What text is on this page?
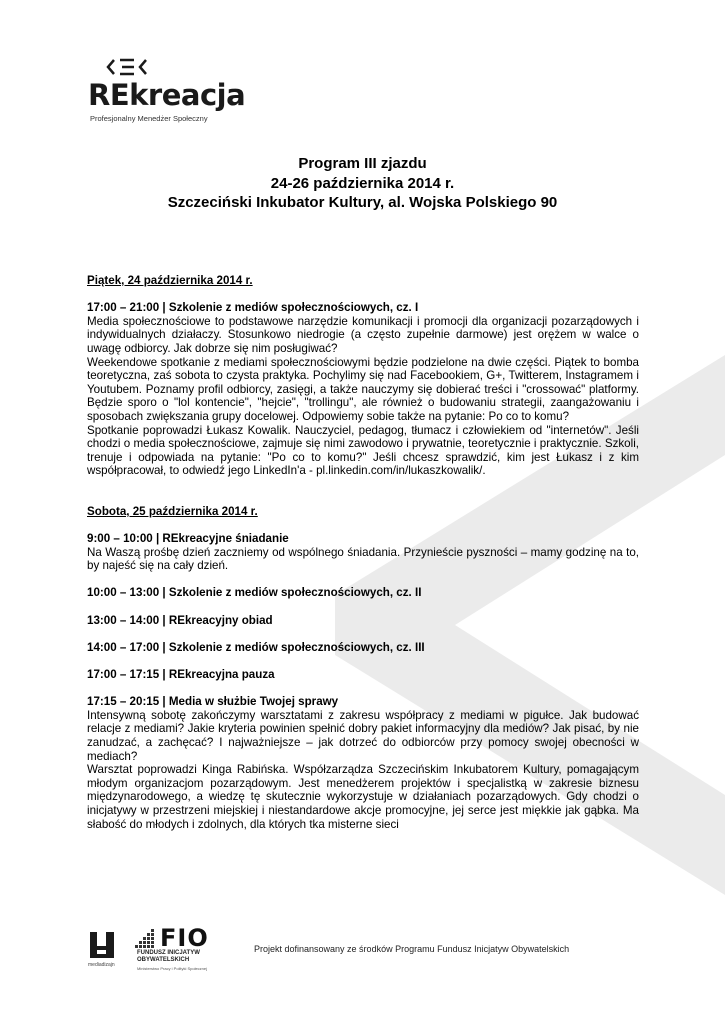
REkreacja
Profesjonalny Menedżer Społeczny
Program III zjazdu
24-26 października 2014 r.
Szczeciński Inkubator Kultury, al. Wojska Polskiego 90

Piątek, 24 października 2014 r.

17:00 – 21:00 | Szkolenie z mediów społecznościowych, cz. I

Media społecznościowe to podstawowe narzędzie komunikacji i promocji dla organizacji pozarządowych i indywidualnych działaczy. Stosunkowo niedrogie (a często zupełnie darmowe) jest orężem w walce o uwagę odbiorcy. Jak dobrze się nim posługiwać?

Weekendowe spotkanie z mediami społecznościowymi będzie podzielone na dwie części. Piątek to bomba teoretyczna, zaś sobota to czysta praktyka. Pochylimy się nad Facebookiem, G+, Twitterem, Instagramem i Youtubem. Poznamy profil odbiorcy, zasięgi, a także nauczymy się dobierać treści i "crossować" platformy. Będzie sporo o "lol kontencie", "hejcie", "trollingu", ale również o budowaniu strategii, zaangażowaniu i sposobach zwiększania grupy docelowej. Odpowiemy sobie także na pytanie: Po co to komu?

Spotkanie poprowadzi Łukasz Kowalik. Nauczyciel, pedagog, tłumacz i człowiekiem od "internetów". Jeśli chodzi o media społecznościowe, zajmuje się nimi zawodowo i prywatnie, teoretycznie i praktycznie. Szkoli, trenuje i odpowiada na pytanie: "Po co to komu?" Jeśli chcesz sprawdzić, kim jest Łukasz i z kim współpracował, to odwiedź jego LinkedIn'a - pl.linkedin.com/in/lukaszkowalik/.

Sobota, 25 października 2014 r.

9:00 – 10:00 | REkreacyjne śniadanie

Na Waszą prośbę dzień zaczniemy od wspólnego śniadania. Przynieście pyszności – mamy godzinę na to, by najeść się na cały dzień.

10:00 – 13:00 | Szkolenie z mediów społecznościowych, cz. II

13:00 – 14:00 | REkreacyjny obiad

14:00 – 17:00 | Szkolenie z mediów społecznościowych, cz. III

17:00 – 17:15 | REkreacyjna pauza

17:15 – 20:15 | Media w służbie Twojej sprawy

Intensywną sobotę zakończymy warsztatami z zakresu współpracy z mediami w pigułce. Jak budować relacje z mediami? Jakie kryteria powinien spełnić dobry pakiet informacyjny dla mediów? Jak pisać, by nie zanudzać, a zachęcać? I najważniejsze – jak dotrzeć do odbiorców przy pomocy swojej obecności w mediach?

Warsztat poprowadzi Kinga Rabińska. Współzarządza Szczecińskim Inkubatorem Kultury, pomagającym młodym organizacjom pozarządowym. Jest menedżerem projektów i specjalistką w zakresie biznesu międzynarodowego, a wiedzę tę skutecznie wykorzystuje w działaniach pozarządowych. Gdy chodzi o inicjatywy w przestrzeni miejskiej i niestandardowe akcje promocyjne, jej serce jest miękkie jak gąbka. Ma słabość do młodych i zdolnych, dla których tka misterne sieci

mediadizajn
FIO
FUNDUSZ INICJATYW
OBYWATELSKICH
Ministerstwo Pracy i Polityki Społecznej
Projekt dofinansowany ze środków Programu Fundusz Inicjatyw Obywatelskich
